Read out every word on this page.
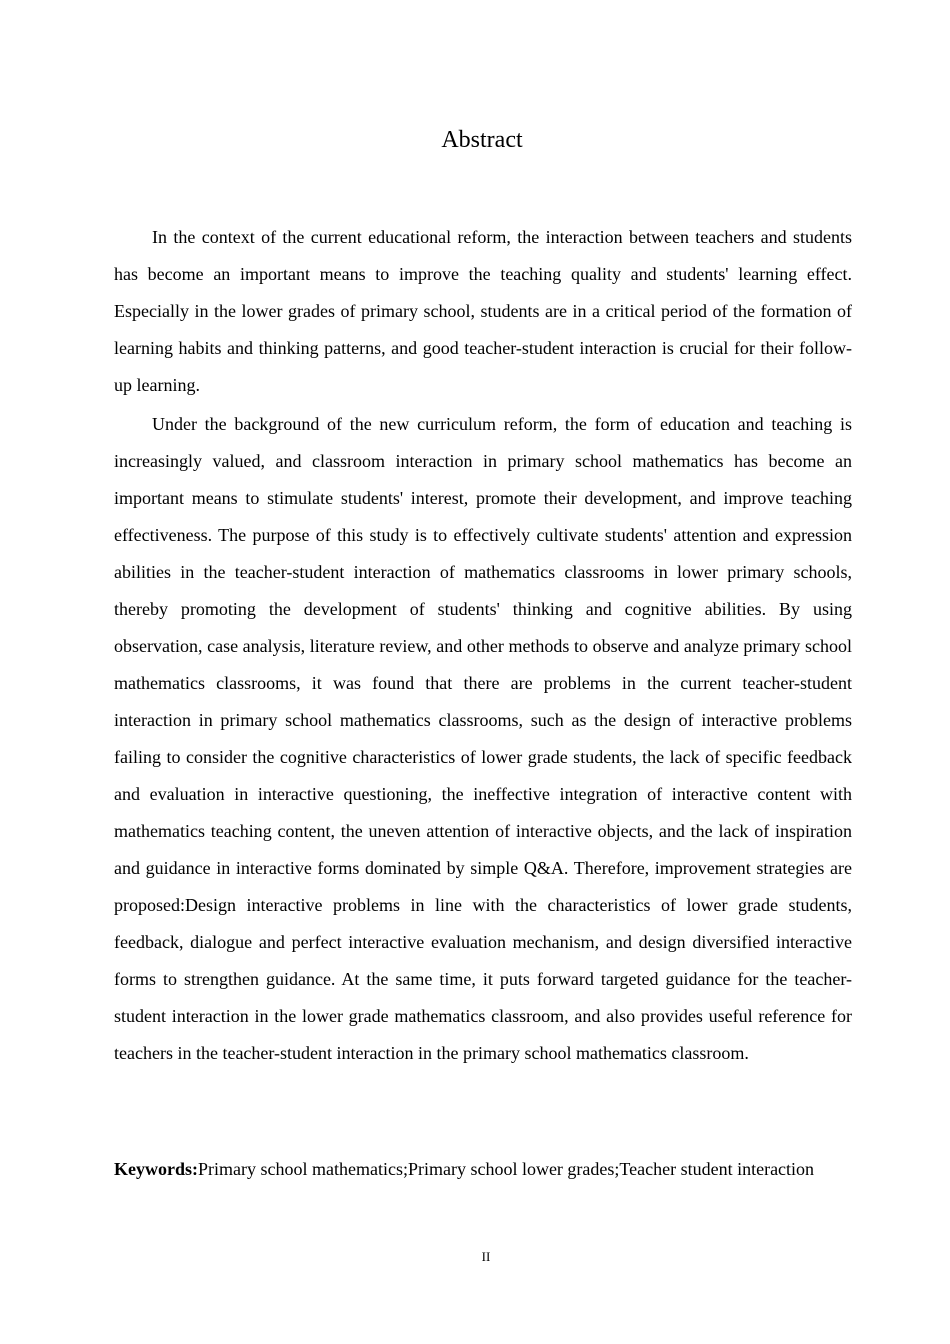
Abstract

In the context of the current educational reform, the interaction between teachers and students has become an important means to improve the teaching quality and students' learning effect. Especially in the lower grades of primary school, students are in a critical period of the formation of learning habits and thinking patterns, and good teacher-student interaction is crucial for their follow-up learning.

Under the background of the new curriculum reform, the form of education and teaching is increasingly valued, and classroom interaction in primary school mathematics has become an important means to stimulate students' interest, promote their development, and improve teaching effectiveness. The purpose of this study is to effectively cultivate students' attention and expression abilities in the teacher-student interaction of mathematics classrooms in lower primary schools, thereby promoting the development of students' thinking and cognitive abilities. By using observation, case analysis, literature review, and other methods to observe and analyze primary school mathematics classrooms, it was found that there are problems in the current teacher-student interaction in primary school mathematics classrooms, such as the design of interactive problems failing to consider the cognitive characteristics of lower grade students, the lack of specific feedback and evaluation in interactive questioning, the ineffective integration of interactive content with mathematics teaching content, the uneven attention of interactive objects, and the lack of inspiration and guidance in interactive forms dominated by simple Q&A. Therefore, improvement strategies are proposed:Design interactive problems in line with the characteristics of lower grade students, feedback, dialogue and perfect interactive evaluation mechanism, and design diversified interactive forms to strengthen guidance. At the same time, it puts forward targeted guidance for the teacher-student interaction in the lower grade mathematics classroom, and also provides useful reference for teachers in the teacher-student interaction in the primary school mathematics classroom.

Keywords:Primary school mathematics;Primary school lower grades;Teacher student interaction

II
